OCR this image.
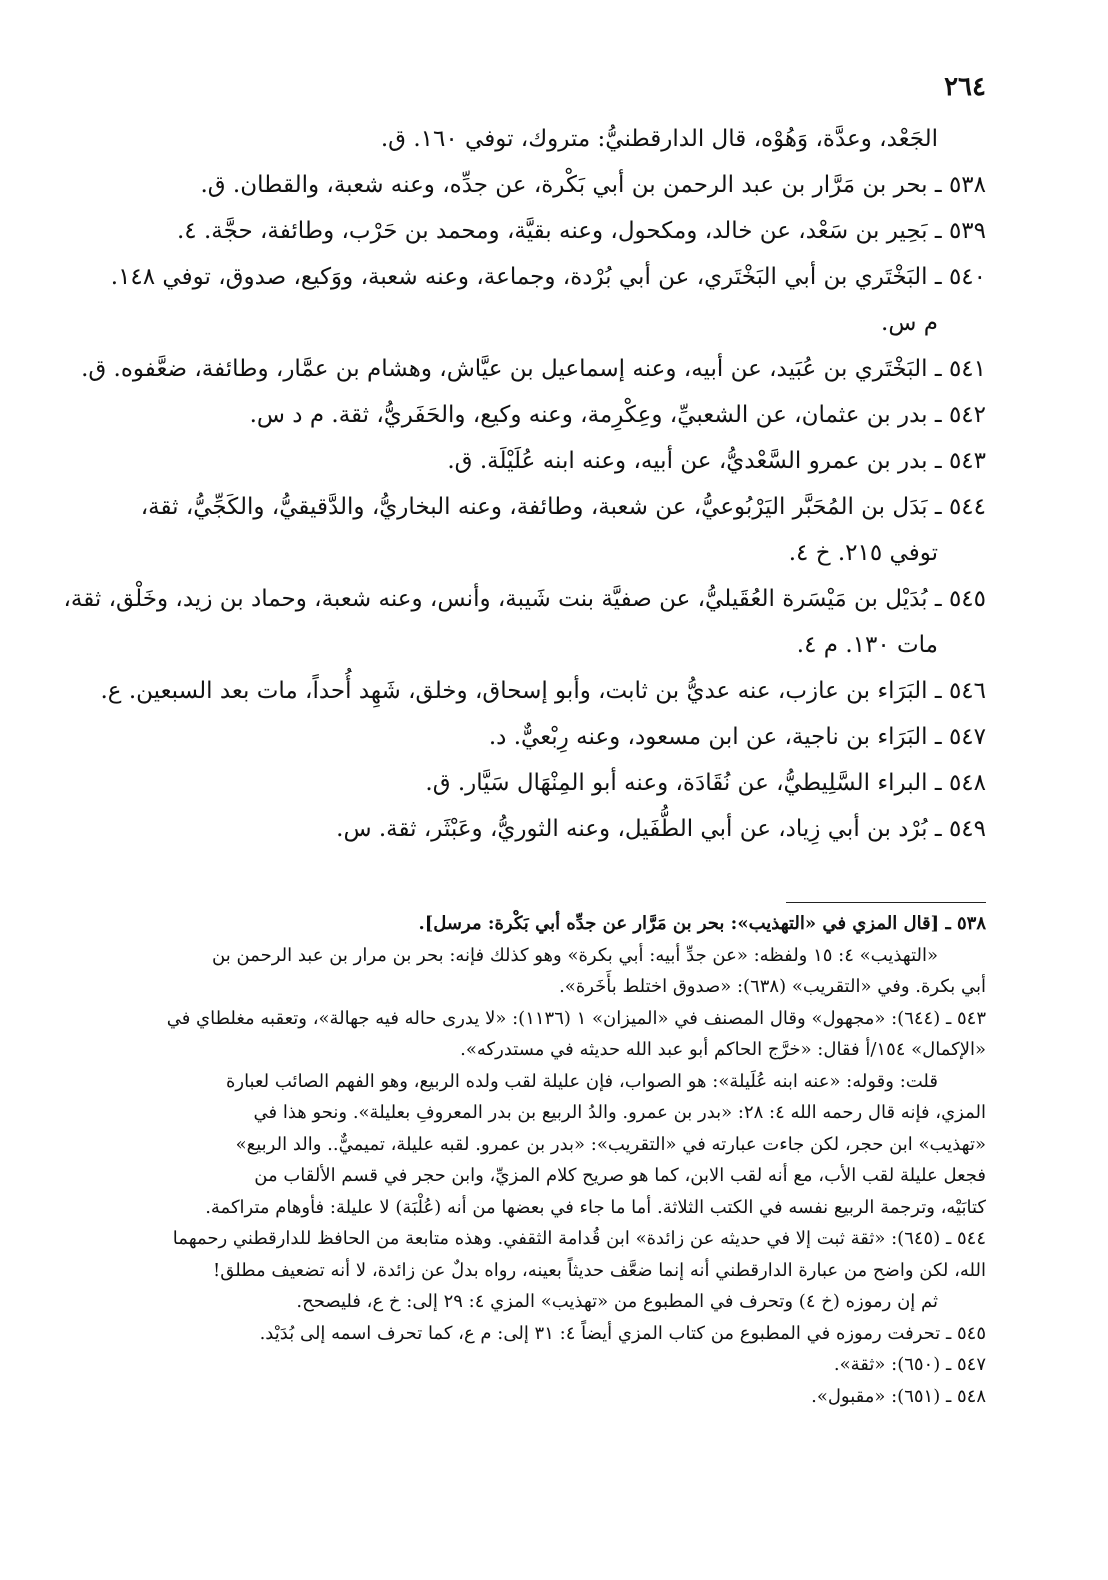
٢٦٤
الجَعْد، وعدَّة، وَهُوْه، قال الدارقطنيُّ: متروك، توفي ١٦٠. ق.
٥٣٨ ـ بحر بن مَرَّار بن عبد الرحمن بن أبي بَكْرة، عن جدِّه، وعنه شعبة، والقطان. ق.
٥٣٩ ـ بَحِير بن سَعْد، عن خالد، ومكحول، وعنه بقيَّة، ومحمد بن حَرْب، وطائفة، حجَّة. ٤.
٥٤٠ ـ البَخْتَري بن أبي البَخْتَري، عن أبي بُرْدة، وجماعة، وعنه شعبة، ووَكيع، صدوق، توفي ١٤٨.
م س.
٥٤١ ـ البَخْتَري بن عُبَيد، عن أبيه، وعنه إسماعيل بن عيَّاش، وهشام بن عمَّار، وطائفة، ضعَّفوه. ق.
٥٤٢ ـ بدر بن عثمان، عن الشعبيِّ، وعِكْرِمة، وعنه وكيع، والحَفَريُّ، ثقة. م د س.
٥٤٣ ـ بدر بن عمرو السَّعْديُّ، عن أبيه، وعنه ابنه عُلَيْلَة. ق.
٥٤٤ ـ بَدَل بن المُحَبَّر اليَرْبُوعيُّ، عن شعبة، وطائفة، وعنه البخاريُّ، والدَّقيقيُّ، والكَجِّيُّ، ثقة،
توفي ٢١٥. خ ٤.
٥٤٥ ـ بُدَيْل بن مَيْسَرة العُقَيليُّ، عن صفيَّة بنت شَيبة، وأنس، وعنه شعبة، وحماد بن زيد، وخَلْق، ثقة،
مات ١٣٠. م ٤.
٥٤٦ ـ البَرَاء بن عازب، عنه عديُّ بن ثابت، وأبو إسحاق، وخلق، شَهِد أُحداً، مات بعد السبعين. ع.
٥٤٧ ـ البَرَاء بن ناجية، عن ابن مسعود، وعنه رِبْعيٌّ. د.
٥٤٨ ـ البراء السَّلِيطيُّ، عن نُقَادَة، وعنه أبو المِنْهَال سَيَّار. ق.
٥٤٩ ـ بُرْد بن أبي زِياد، عن أبي الطُّفَيل، وعنه الثوريُّ، وعَبْثَر، ثقة. س.
٥٣٨ ـ [قال المزي في «التهذيب»: بحر بن مَرَّار عن جدِّه أبي بَكْرة: مرسل].
«التهذيب» ٤: ١٥ ولفظه: «عن جدِّ أبيه: أبي بكرة» وهو كذلك فإنه: بحر بن مرار بن عبد الرحمن بن
أبي بكرة. وفي «التقريب» (٦٣٨): «صدوق اختلط بأَخَرة».
٥٤٣ ـ (٦٤٤): «مجهول» وقال المصنف في «الميزان» ١ (١١٣٦): «لا يدرى حاله فيه جهالة»، وتعقبه مغلطاي في
«الإكمال» ١٥٤/أ فقال: «خرَّج الحاكم أبو عبد الله حديثه في مستدركه».
قلت: وقوله: «عنه ابنه عُلَيلة»: هو الصواب، فإن عليلة لقب ولده الربيع، وهو الفهم الصائب لعبارة
المزي، فإنه قال رحمه الله ٤: ٢٨: «بدر بن عمرو. والدُ الربيع بن بدر المعروفِ بعليلة». ونحو هذا في
«تهذيب» ابن حجر، لكن جاءت عبارته في «التقريب»: «بدر بن عمرو. لقبه عليلة، تميميٌّ.. والد الربيع»
فجعل عليلة لقب الأب، مع أنه لقب الابن، كما هو صريح كلام المزيِّ، وابن حجر في قسم الألقاب من
كتابَيْه، وترجمة الربيع نفسه في الكتب الثلاثة. أما ما جاء في بعضها من أنه (عُلْبَة) لا عليلة: فأوهام متراكمة.
٥٤٤ ـ (٦٤٥): «ثقة ثبت إلا في حديثه عن زائدة» ابن قُدامة الثقفي. وهذه متابعة من الحافظ للدارقطني رحمهما
الله، لكن واضح من عبارة الدارقطني أنه إنما ضعَّف حديثاً بعينه، رواه بدلٌ عن زائدة، لا أنه تضعيف مطلق!
ثم إن رموزه (خ ٤) وتحرف في المطبوع من «تهذيب» المزي ٤: ٢٩ إلى: خ ع، فليصحح.
٥٤٥ ـ تحرفت رموزه في المطبوع من كتاب المزي أيضاً ٤: ٣١ إلى: م ع، كما تحرف اسمه إلى بُدَيْد.
٥٤٧ ـ (٦٥٠): «ثقة».
٥٤٨ ـ (٦٥١): «مقبول».
